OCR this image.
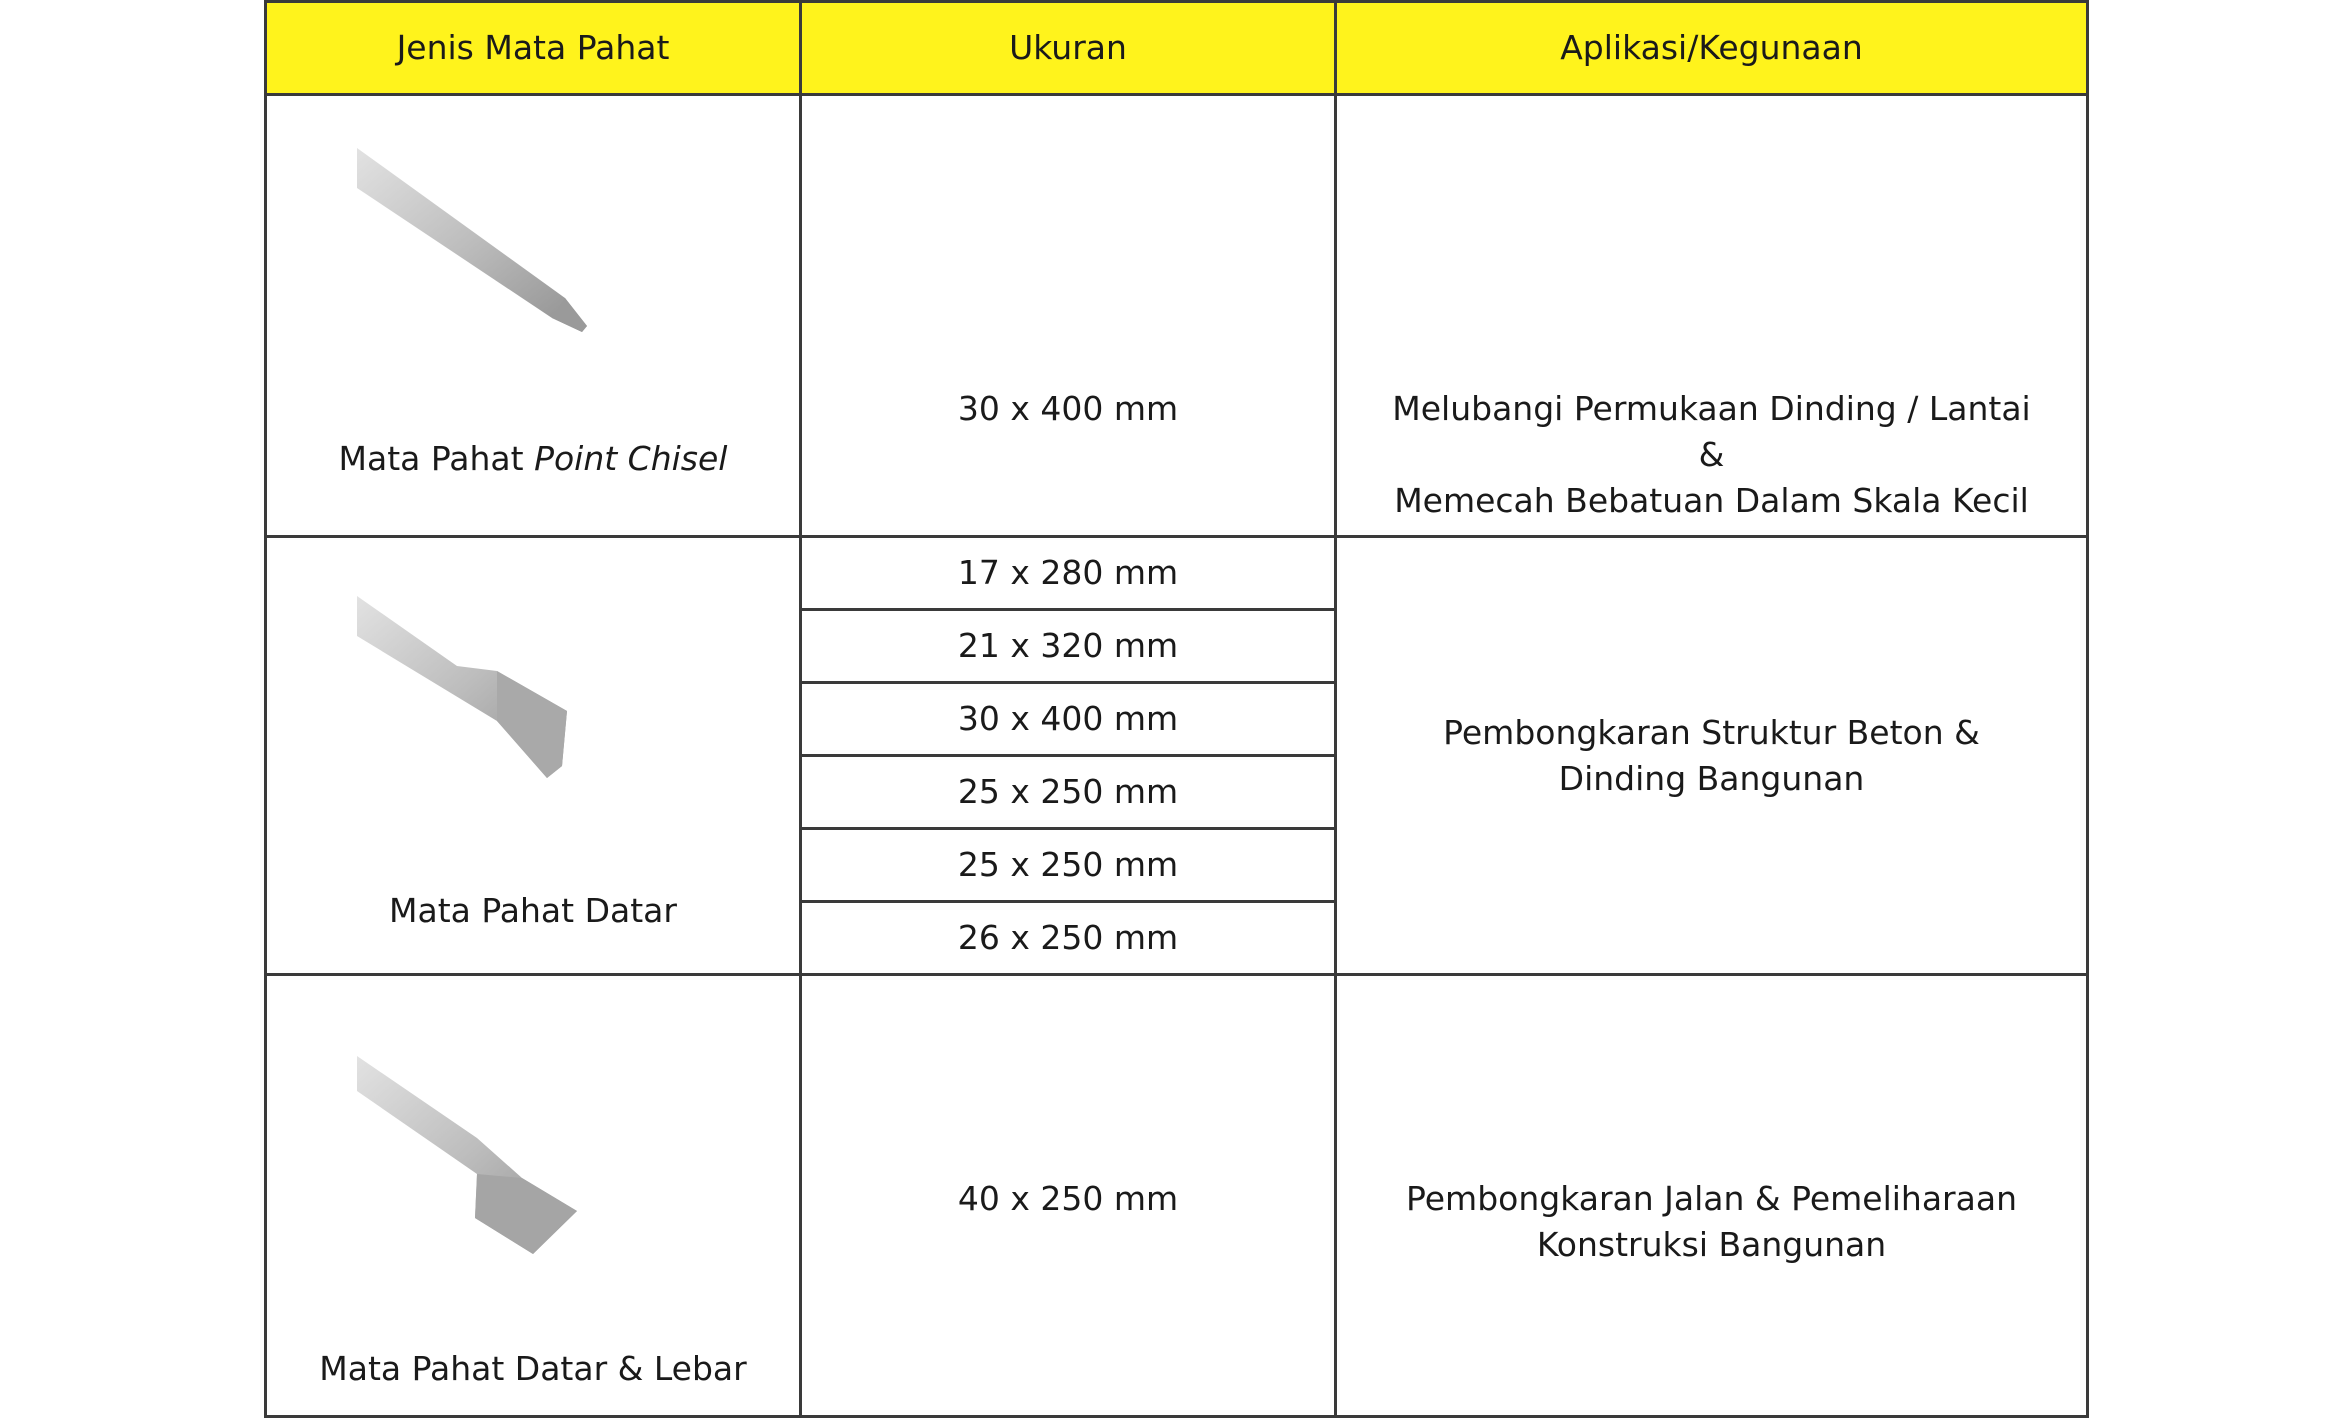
Jenis Mata Pahat	Ukuran	Aplikasi/Kegunaan

Mata Pahat Point Chisel	30 x 400 mm	Melubangi Permukaan Dinding / Lantai &
Memecah Bebatuan Dalam Skala Kecil

Mata Pahat Datar	17 x 280 mm	Pembongkaran Struktur Beton &
Dinding Bangunan

	21 x 320 mm	
	30 x 400 mm	
	25 x 250 mm	
	25 x 250 mm	
	26 x 250 mm	

Mata Pahat Datar & Lebar	40 x 250 mm	Pembongkaran Jalan & Pemeliharaan
Konstruksi Bangunan
